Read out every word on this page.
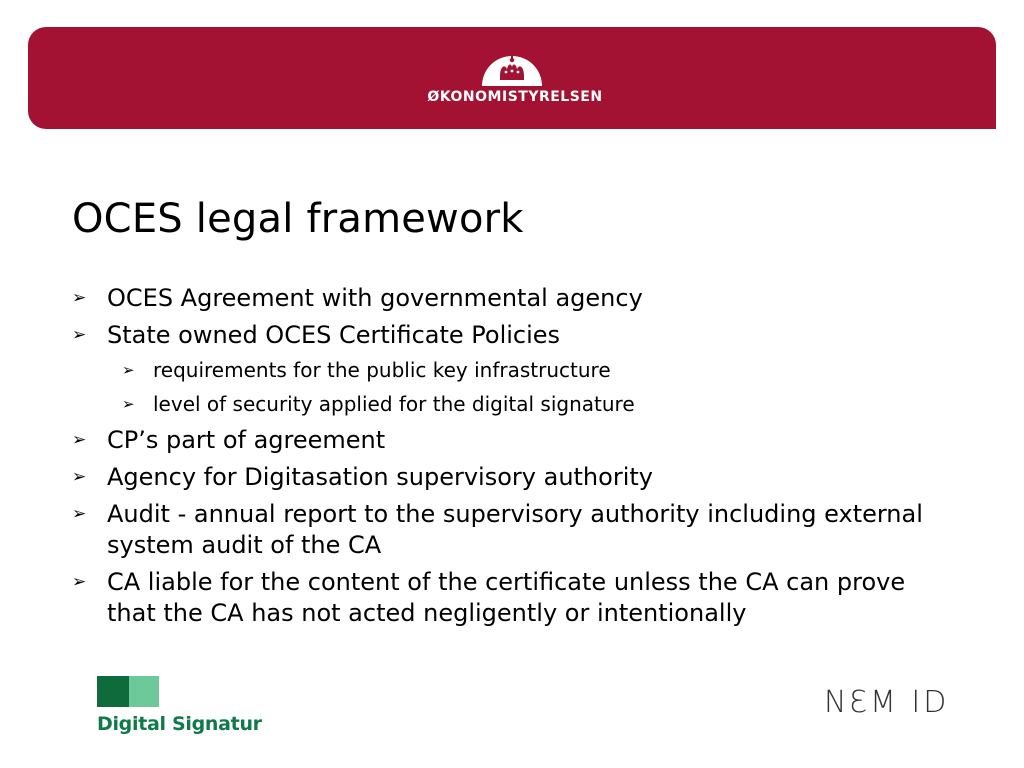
ØKONOMISTYRELSEN
OCES legal framework
➢ OCES Agreement with governmental agency
➢ State owned OCES Certificate Policies
➢ requirements for the public key infrastructure
➢ level of security applied for the digital signature
➢ CP’s part of agreement
➢ Agency for Digitasation supervisory authority
➢ Audit - annual report to the supervisory authority including external system audit of the CA
➢ CA liable for the content of the certificate unless the CA can prove that the CA has not acted negligently or intentionally
Digital Signatur
NƐM ID
